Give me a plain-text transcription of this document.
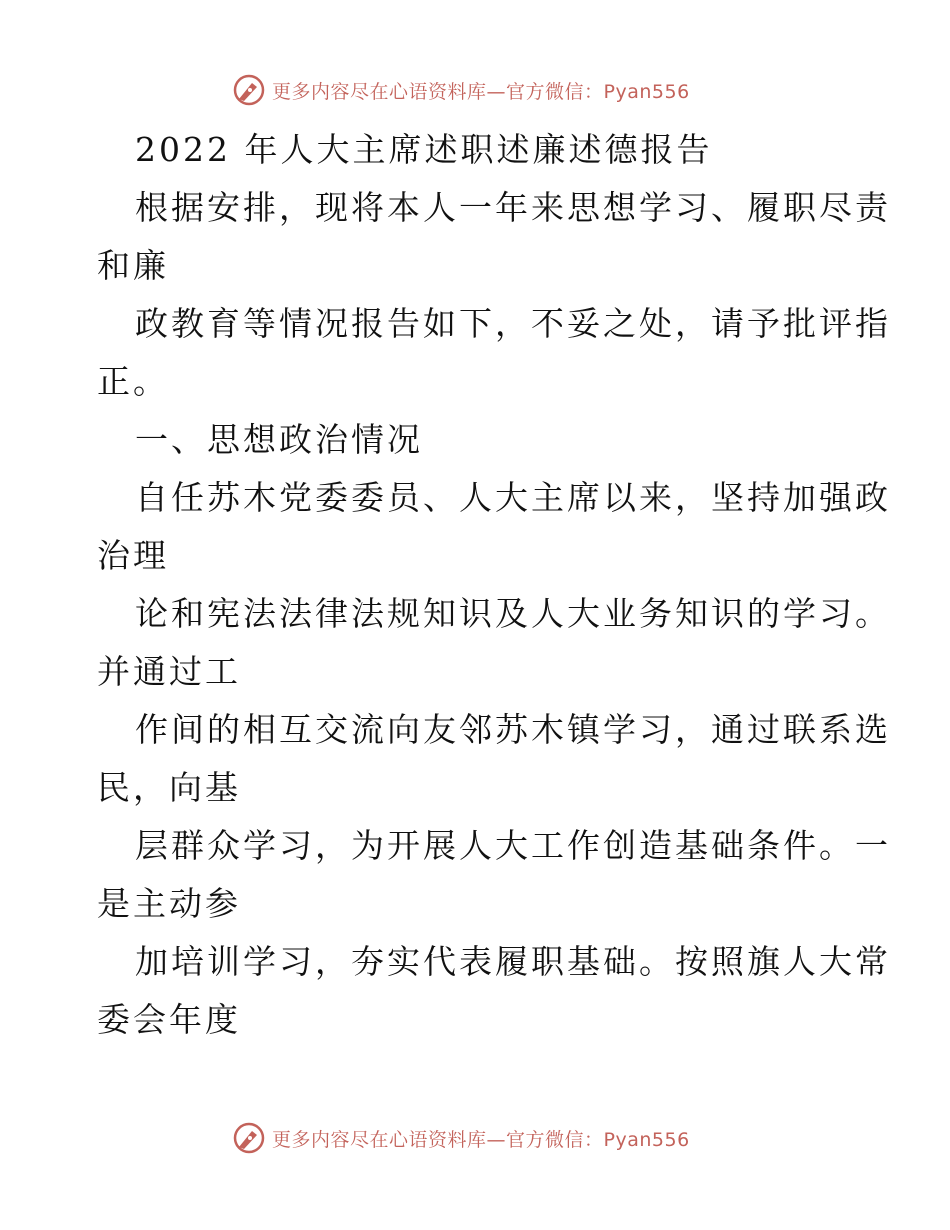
更多内容尽在心语资料库—官方微信：Pyan556
2022 年人大主席述职述廉述德报告
根据安排，现将本人一年来思想学习、履职尽责
和廉
政教育等情况报告如下，不妥之处，请予批评指
正。
一、思想政治情况
自任苏木党委委员、人大主席以来，坚持加强政
治理
论和宪法法律法规知识及人大业务知识的学习。
并通过工
作间的相互交流向友邻苏木镇学习，通过联系选
民，向基
层群众学习，为开展人大工作创造基础条件。一
是主动参
加培训学习，夯实代表履职基础。按照旗人大常
委会年度
更多内容尽在心语资料库—官方微信：Pyan556
